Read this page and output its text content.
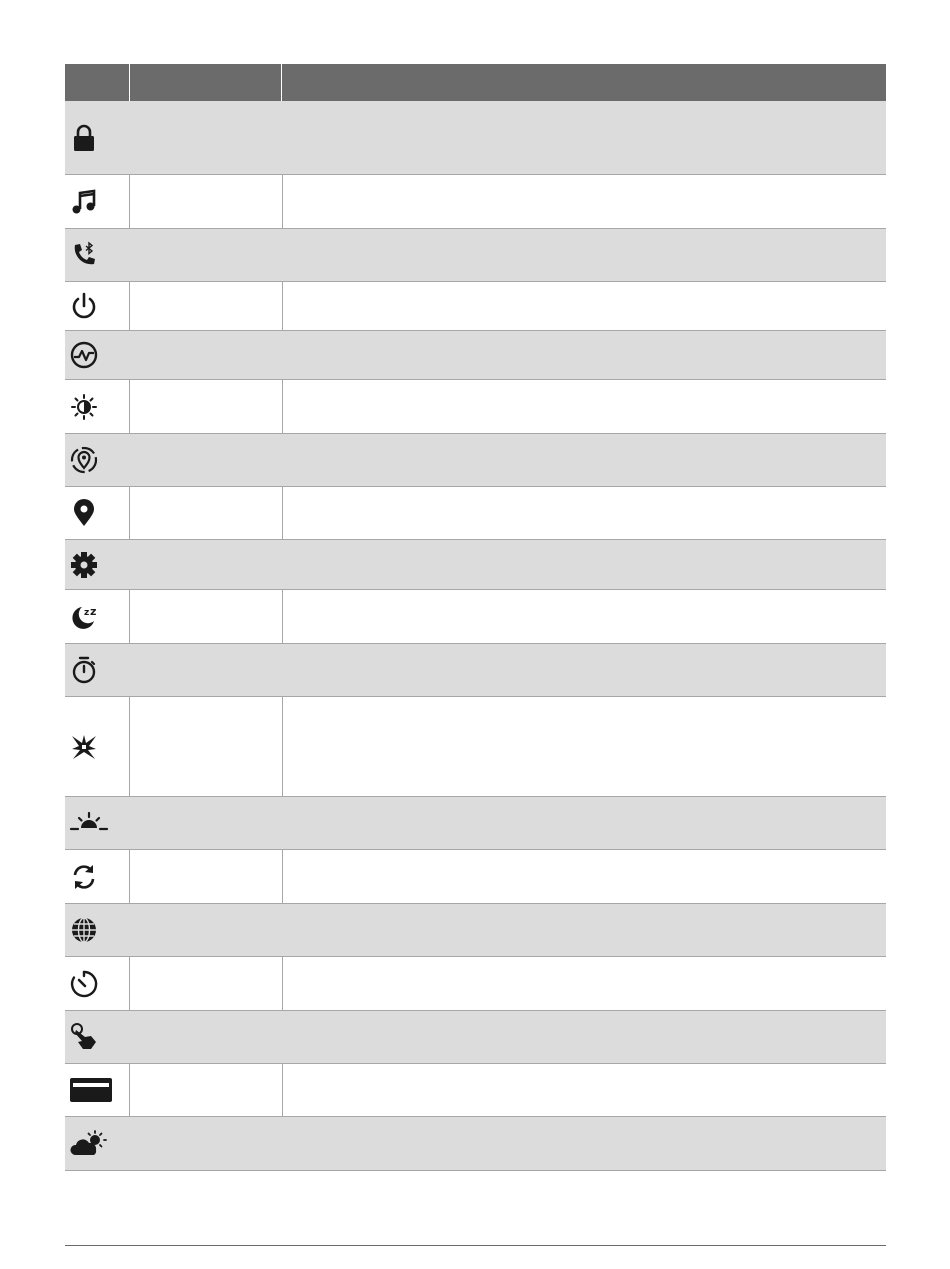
z z
